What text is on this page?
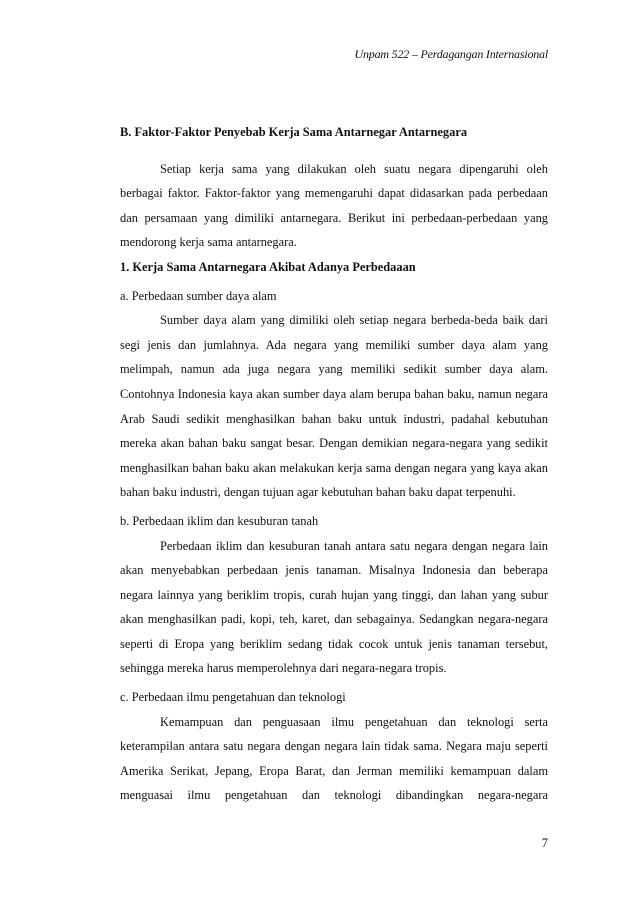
Unpam 522 – Perdagangan Internasional
B. Faktor-Faktor Penyebab Kerja Sama Antarnegar Antarnegara

Setiap kerja sama yang dilakukan oleh suatu negara dipengaruhi oleh berbagai faktor. Faktor-faktor yang memengaruhi dapat didasarkan pada perbedaan dan persamaan yang dimiliki antarnegara. Berikut ini perbedaan-perbedaan yang mendorong kerja sama antarnegara.

1. Kerja Sama Antarnegara Akibat Adanya Perbedaaan
a. Perbedaan sumber daya alam

Sumber daya alam yang dimiliki oleh setiap negara berbeda-beda baik dari segi jenis dan jumlahnya. Ada negara yang memiliki sumber daya alam yang melimpah, namun ada juga negara yang memiliki sedikit sumber daya alam. Contohnya Indonesia kaya akan sumber daya alam berupa bahan baku, namun negara Arab Saudi sedikit menghasilkan bahan baku untuk industri, padahal kebutuhan mereka akan bahan baku sangat besar. Dengan demikian negara-negara yang sedikit menghasilkan bahan baku akan melakukan kerja sama dengan negara yang kaya akan bahan baku industri, dengan tujuan agar kebutuhan bahan baku dapat terpenuhi.

b. Perbedaan iklim dan kesuburan tanah

Perbedaan iklim dan kesuburan tanah antara satu negara dengan negara lain akan menyebabkan perbedaan jenis tanaman. Misalnya Indonesia dan beberapa negara lainnya yang beriklim tropis, curah hujan yang tinggi, dan lahan yang subur akan menghasilkan padi, kopi, teh, karet, dan sebagainya. Sedangkan negara-negara seperti di Eropa yang beriklim sedang tidak cocok untuk jenis tanaman tersebut, sehingga mereka harus memperolehnya dari negara-negara tropis.

c. Perbedaan ilmu pengetahuan dan teknologi

Kemampuan dan penguasaan ilmu pengetahuan dan teknologi serta keterampilan antara satu negara dengan negara lain tidak sama. Negara maju seperti Amerika Serikat, Jepang, Eropa Barat, dan Jerman memiliki kemampuan dalam menguasai ilmu pengetahuan dan teknologi dibandingkan negara-negara

7
